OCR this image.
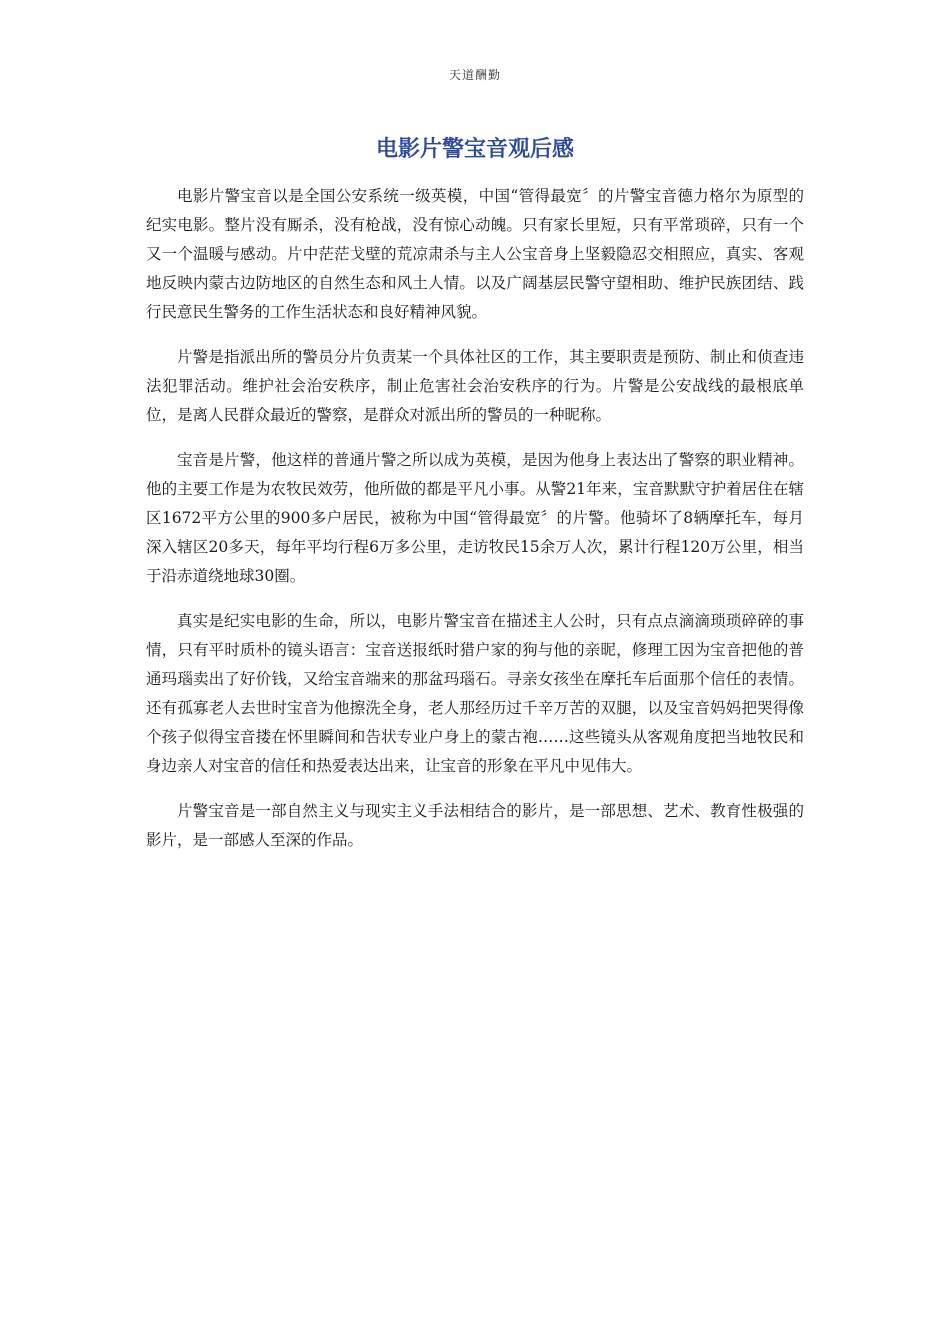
天道酬勤
电影片警宝音观后感

电影片警宝音以是全国公安系统一级英模，中国“管得最宽〞的片警宝音德力格尔为原型的纪实电影。整片没有厮杀，没有枪战，没有惊心动魄。只有家长里短，只有平常琐碎，只有一个又一个温暖与感动。片中茫茫戈壁的荒凉肃杀与主人公宝音身上坚毅隐忍交相照应，真实、客观地反映内蒙古边防地区的自然生态和风土人情。以及广阔基层民警守望相助、维护民族团结、践行民意民生警务的工作生活状态和良好精神风貌。

片警是指派出所的警员分片负责某一个具体社区的工作，其主要职责是预防、制止和侦查违法犯罪活动。维护社会治安秩序，制止危害社会治安秩序的行为。片警是公安战线的最根底单位，是离人民群众最近的警察，是群众对派出所的警员的一种昵称。

宝音是片警，他这样的普通片警之所以成为英模，是因为他身上表达出了警察的职业精神。他的主要工作是为农牧民效劳，他所做的都是平凡小事。从警21年来，宝音默默守护着居住在辖区1672平方公里的900多户居民，被称为中国“管得最宽〞的片警。他骑坏了8辆摩托车，每月深入辖区20多天，每年平均行程6万多公里，走访牧民15余万人次，累计行程120万公里，相当于沿赤道绕地球30圈。

真实是纪实电影的生命，所以，电影片警宝音在描述主人公时，只有点点滴滴琐琐碎碎的事情，只有平时质朴的镜头语言：宝音送报纸时猎户家的狗与他的亲昵，修理工因为宝音把他的普通玛瑙卖出了好价钱，又给宝音端来的那盆玛瑙石。寻亲女孩坐在摩托车后面那个信任的表情。还有孤寡老人去世时宝音为他擦洗全身，老人那经历过千辛万苦的双腿，以及宝音妈妈把哭得像个孩子似得宝音搂在怀里瞬间和告状专业户身上的蒙古袍……这些镜头从客观角度把当地牧民和身边亲人对宝音的信任和热爱表达出来，让宝音的形象在平凡中见伟大。

片警宝音是一部自然主义与现实主义手法相结合的影片，是一部思想、艺术、教育性极强的影片，是一部感人至深的作品。
